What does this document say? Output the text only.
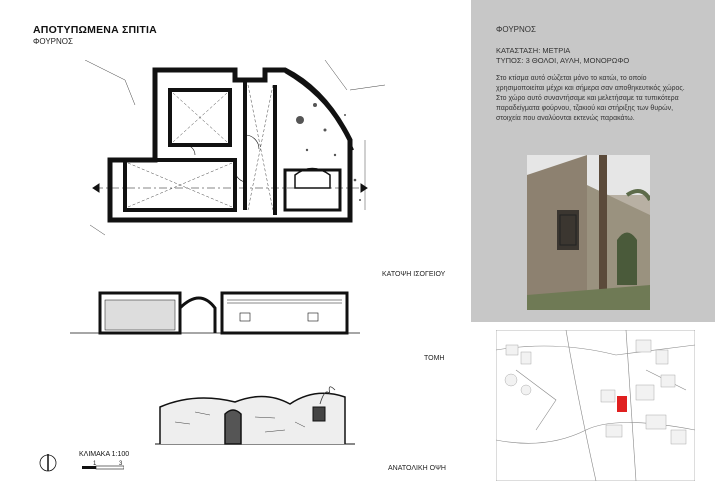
ΑΠΟΤΥΠΩΜΕΝΑ ΣΠΙΤΙΑ
ΦΟΥΡΝΟΣ
ΚΑΤΟΨΗ ΙΣΟΓΕΙΟΥ
ΤΟΜΗ
ΑΝΑΤΟΛΙΚΗ ΟΨΗ
ΚΛΙΜΑΚΑ 1:100
1	3
ΦΟΥΡΝΟΣ
ΚΑΤΑΣΤΑΣΗ: ΜΕΤΡΙΑ
ΤΥΠΟΣ: 3 ΘΟΛΟΙ, ΑΥΛΗ, ΜΟΝΟΡΩΦΟ
Στο κτίσμα αυτό σώζεται μόνο το κατώι, το οποίο χρησιμοποιείται μέχρι και σήμερα σαν αποθηκευτικός χώρος. Στο χώρο αυτό συναντήσαμε και μελετήσαμε τα τυπικότερα παραδείγματα φούρνου, τζακιού και στήριξης των θυρών, στοιχεία που αναλύονται εκτενώς παρακάτω.
